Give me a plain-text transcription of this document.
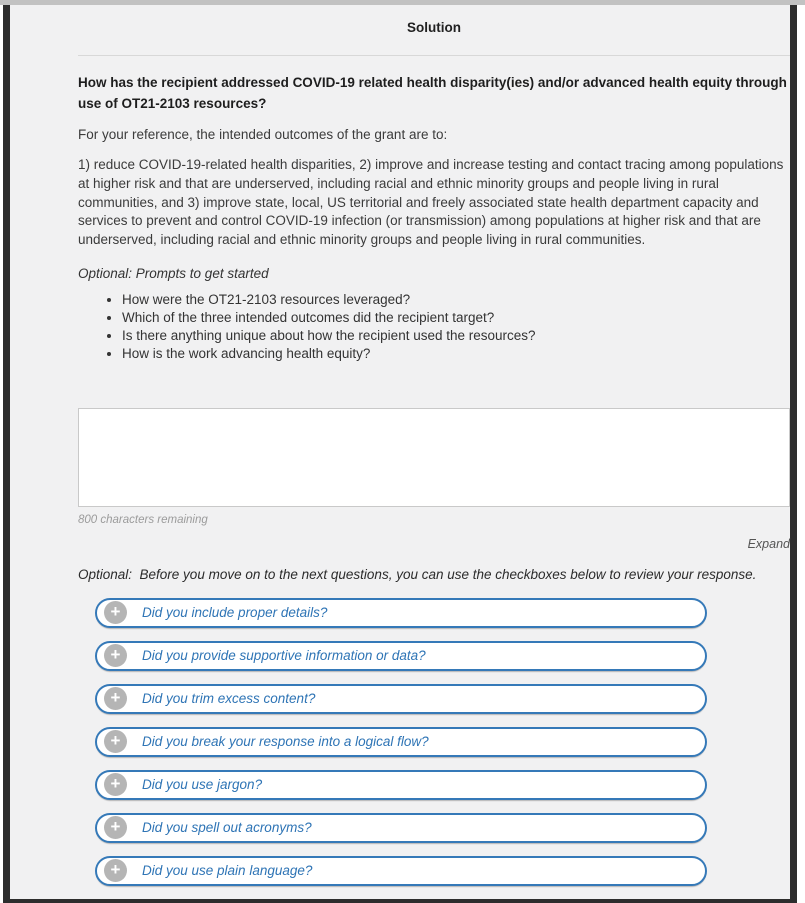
Solution
How has the recipient addressed COVID-19 related health disparity(ies) and/or advanced health equity through use of OT21-2103 resources?

For your reference, the intended outcomes of the grant are to:

1) reduce COVID-19-related health disparities, 2) improve and increase testing and contact tracing among populations at higher risk and that are underserved, including racial and ethnic minority groups and people living in rural communities, and 3) improve state, local, US territorial and freely associated state health department capacity and services to prevent and control COVID-19 infection (or transmission) among populations at higher risk and that are underserved, including racial and ethnic minority groups and people living in rural communities.

Optional: Prompts to get started
• How were the OT21-2103 resources leveraged?
• Which of the three intended outcomes did the recipient target?
• Is there anything unique about how the recipient used the resources?
• How is the work advancing health equity?
800 characters remaining
Expand
Optional:  Before you move on to the next questions, you can use the checkboxes below to review your response.
+	Did you include proper details?
+	Did you provide supportive information or data?
+	Did you trim excess content?
+	Did you break your response into a logical flow?
+	Did you use jargon?
+	Did you spell out acronyms?
+	Did you use plain language?
